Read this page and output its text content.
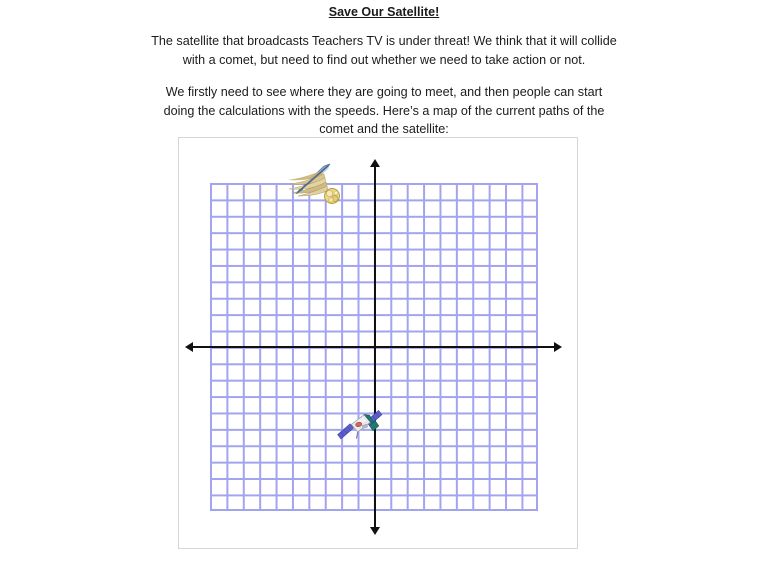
Save Our Satellite!

The satellite that broadcasts Teachers TV is under threat! We think that it will collide with a comet, but need to find out whether we need to take action or not.

We firstly need to see where they are going to meet, and then people can start doing the calculations with the speeds. Here’s a map of the current paths of the comet and the satellite:
